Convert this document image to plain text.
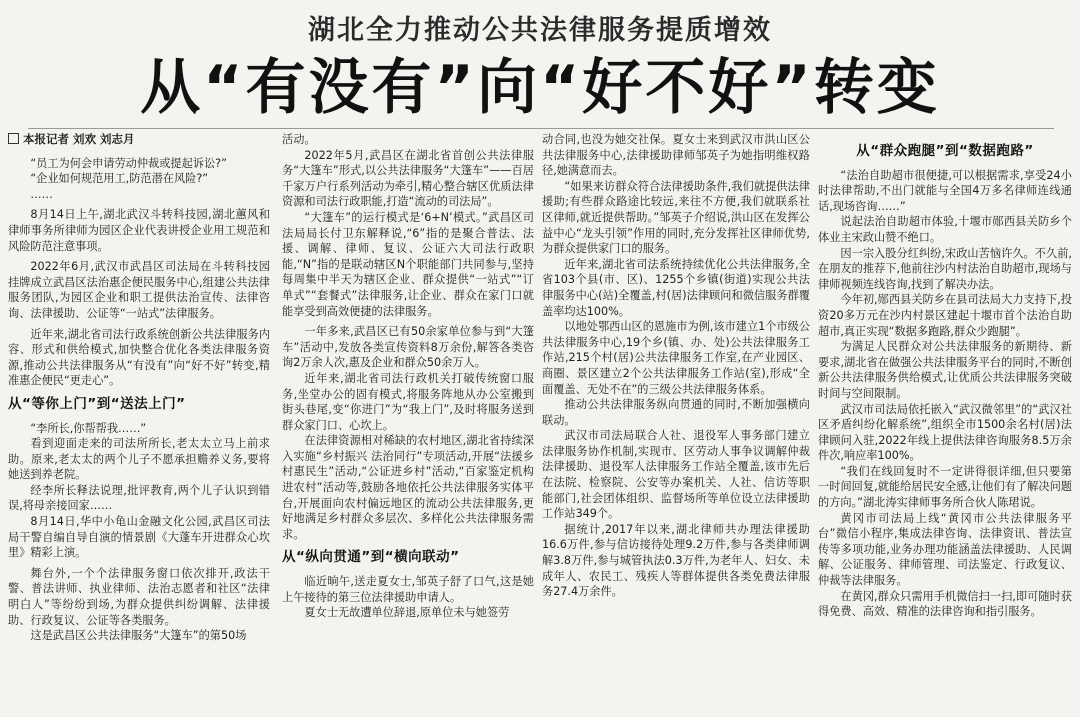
湖北全力推动公共法律服务提质增效
从“有没有”向“好不好”转变
本报记者 刘欢 刘志月

“员工为何会申请劳动仲裁或提起诉讼?”

“企业如何规范用工,防范潜在风险?”

……

8月14日上午,湖北武汉斗转科技园,湖北蕙风和律师事务所律师为园区企业代表讲授企业用工规范和风险防范注意事项。

2022年6月,武汉市武昌区司法局在斗转科技园挂牌成立武昌区法治惠企便民服务中心,组建公共法律服务团队,为园区企业和职工提供法治宣传、法律咨询、法律援助、公证等“一站式”法律服务。

近年来,湖北省司法行政系统创新公共法律服务内容、形式和供给模式,加快整合优化各类法律服务资源,推动公共法律服务从“有没有”向“好不好”转变,精准惠企便民“更走心”。

从“等你上门”到“送法上门”

“李所长,你帮帮我……”

看到迎面走来的司法所所长,老太太立马上前求助。原来,老太太的两个儿子不愿承担赡养义务,要将她送到养老院。

经李所长释法说理,批评教育,两个儿子认识到错误,将母亲接回家……

8月14日,华中小龟山金融文化公园,武昌区司法局干警自编自导自演的情景剧《大蓬车开进群众心坎里》精彩上演。

舞台外,一个个法律服务窗口依次排开,政法干警、普法讲师、执业律师、法治志愿者和社区“法律明白人”等纷纷到场,为群众提供纠纷调解、法律援助、行政复议、公证等各类服务。

这是武昌区公共法律服务“大篷车”的第50场

活动。

2022年5月,武昌区在湖北省首创公共法律服务“大篷车”形式,以公共法律服务“大篷车”——百居千家万户行系列活动为牵引,精心整合辖区优质法律资源和司法行政职能,打造“流动的司法局”。

“大篷车”的运行模式是‘6+N’模式。”武昌区司法局局长付卫东解释说,“6”指的是聚合普法、法援、调解、律师、复议、公证六大司法行政职能,“N”指的是联动辖区N个职能部门共同参与,坚持每周集中半天为辖区企业、群众提供“一站式”“订单式”“套餐式”法律服务,让企业、群众在家门口就能享受到高效便捷的法律服务。

一年多来,武昌区已有50余家单位参与到“大篷车”活动中,发放各类宣传资料8万余份,解答各类咨询2万余人次,惠及企业和群众50余万人。

近年来,湖北省司法行政机关打破传统窗口服务,坐堂办公的固有模式,将服务阵地从办公室搬到街头巷尾,变“你进门”为“我上门”,及时将服务送到群众家门口、心坎上。

在法律资源相对稀缺的农村地区,湖北省持续深入实施“乡村振兴 法治同行”专项活动,开展“法援乡村惠民生”活动,“公证进乡村”活动,“百家鉴定机构进农村”活动等,鼓励各地依托公共法律服务实体平台,开展面向农村偏远地区的流动公共法律服务,更好地满足乡村群众多层次、多样化公共法律服务需求。

从“纵向贯通”到“横向联动”

临近晌午,送走夏女士,邹英子舒了口气,这是她上午接待的第三位法律援助申请人。

夏女士无故遭单位辞退,原单位未与她签劳

动合同,也没为她交社保。夏女士来到武汉市洪山区公共法律服务中心,法律援助律师邹英子为她指明维权路径,她满意而去。

“如果来访群众符合法律援助条件,我们就提供法律援助;有些群众路途比较远,来往不方便,我们就联系社区律师,就近提供帮助。”邹英子介绍说,洪山区在发挥公益中心“龙头引领”作用的同时,充分发挥社区律师优势,为群众提供家门口的服务。

近年来,湖北省司法系统持续优化公共法律服务,全省103个县(市、区)、1255个乡镇(街道)实现公共法律服务中心(站)全覆盖,村(居)法律顾问和微信服务群覆盖率均达100%。

以地处鄂西山区的恩施市为例,该市建立1个市级公共法律服务中心,19个乡(镇、办、处)公共法律服务工作站,215个村(居)公共法律服务工作室,在产业园区、商圈、景区建立2个公共法律服务工作站(室),形成“全面覆盖、无处不在”的三级公共法律服务体系。

推动公共法律服务纵向贯通的同时,不断加强横向联动。

武汉市司法局联合人社、退役军人事务部门建立法律服务协作机制,实现市、区劳动人事争议调解仲裁法律援助、退役军人法律服务工作站全覆盖,该市先后在法院、检察院、公安等办案机关、人社、信访等职能部门,社会团体组织、监督场所等单位设立法律援助工作站349个。

据统计,2017年以来,湖北律师共办理法律援助16.6万件,参与信访接待处理9.2万件,参与各类律师调解3.8万件,参与城管执法0.3万件,为老年人、妇女、未成年人、农民工、残疾人等群体提供各类免费法律服务27.4万余件。

从“群众跑腿”到“数据跑路”

“法治自助超市很便捷,可以根据需求,享受24小时法律帮助,不出门就能与全国4万多名律师连线通话,现场咨询……”

说起法治自助超市体验,十堰市郧西县关防乡个体业主宋政山赞不绝口。

因一宗入股分红纠纷,宋政山苦恼许久。不久前,在朋友的推荐下,他前往沙内村法治自助超市,现场与律师视频连线咨询,找到了解决办法。

今年初,郧西县关防乡在县司法局大力支持下,投资20多万元在沙内村景区建起十堰市首个法治自助超市,真正实现“数据多跑路,群众少跑腿”。

为满足人民群众对公共法律服务的新期待、新要求,湖北省在做强公共法律服务平台的同时,不断创新公共法律服务供给模式,让优质公共法律服务突破时间与空间限制。

武汉市司法局依托嵌入“武汉微邻里”的“武汉社区矛盾纠纷化解系统”,组织全市1500余名村(居)法律顾问入驻,2022年线上提供法律咨询服务8.5万余件次,响应率100%。

“我们在线回复时不一定讲得很详细,但只要第一时间回复,就能给居民安全感,让他们有了解决问题的方向。”湖北涛实律师事务所合伙人陈珺说。

黄冈市司法局上线“黄冈市公共法律服务平台”微信小程序,集成法律咨询、法律资讯、普法宣传等多项功能,业务办理功能涵盖法律援助、人民调解、公证服务、律师管理、司法鉴定、行政复议、仲裁等法律服务。

在黄冈,群众只需用手机微信扫一扫,即可随时获得免费、高效、精准的法律咨询和指引服务。
